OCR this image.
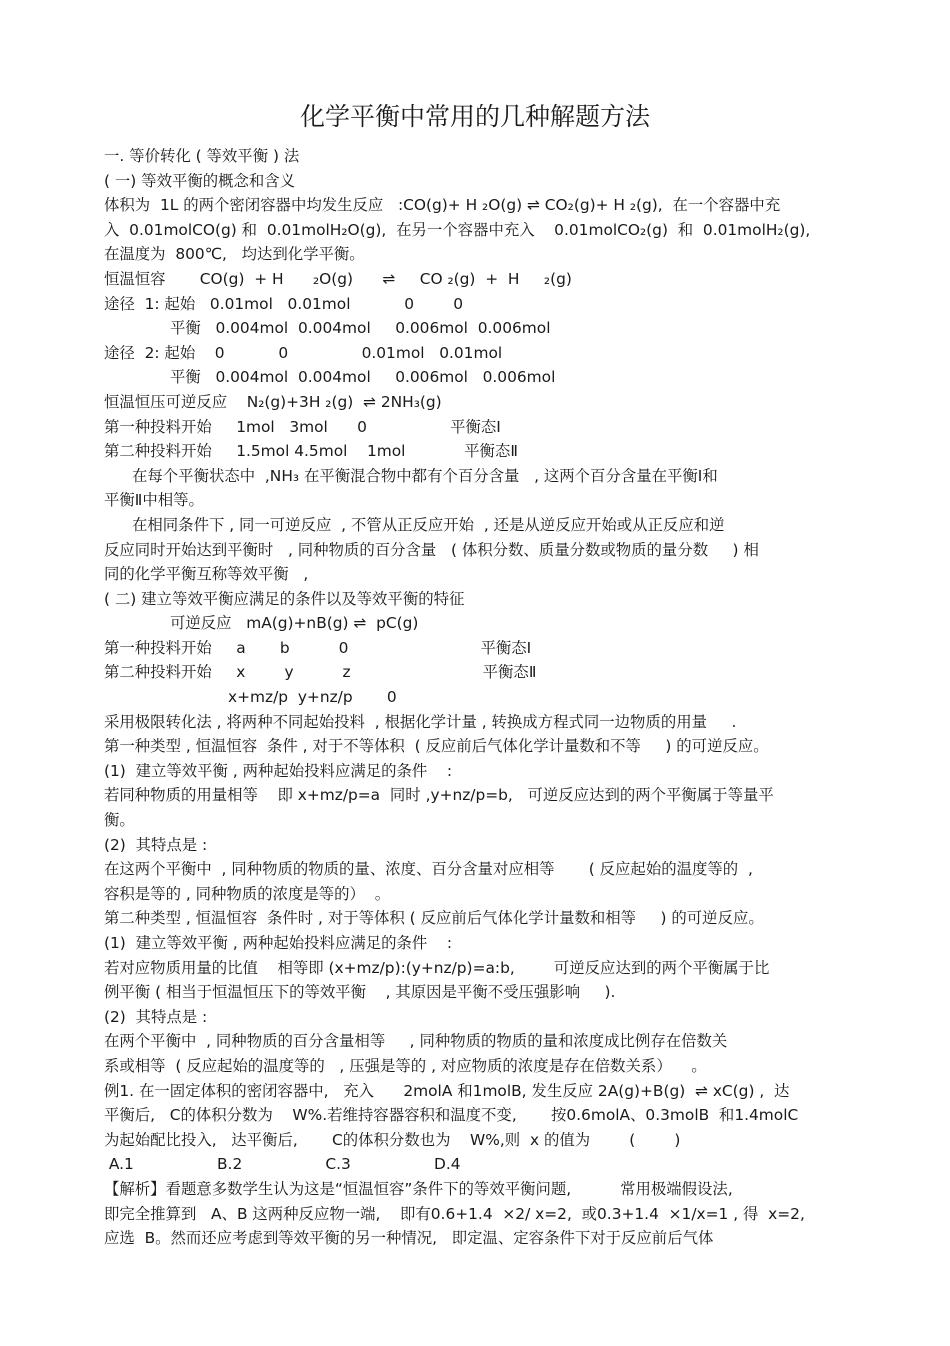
化学平衡中常用的几种解题方法
一. 等价转化 ( 等效平衡 ) 法
( 一) 等效平衡的概念和含义
体积为  1L 的两个密闭容器中均发生反应   :CO(g)+ H ₂O(g) ⇌ CO₂(g)+ H ₂(g),  在一个容器中充
入  0.01molCO(g) 和  0.01molH₂O(g),  在另一个容器中充入    0.01molCO₂(g)  和  0.01molH₂(g),
在温度为  800℃,   均达到化学平衡。
恒温恒容       CO(g)  + H      ₂O(g)      ⇌     CO ₂(g)  +  H     ₂(g)
途径  1: 起始   0.01mol   0.01mol           0        0
平衡   0.004mol  0.004mol     0.006mol  0.006mol
途径  2: 起始    0           0               0.01mol   0.01mol
平衡   0.004mol  0.004mol     0.006mol   0.006mol
恒温恒压可逆反应    N₂(g)+3H ₂(g)  ⇌ 2NH₃(g)
第一种投料开始     1mol   3mol      0                 平衡态Ⅰ
第二种投料开始     1.5mol 4.5mol    1mol            平衡态Ⅱ
在每个平衡状态中  ,NH₃ 在平衡混合物中都有个百分含量   , 这两个百分含量在平衡Ⅰ和
平衡Ⅱ中相等。
在相同条件下 , 同一可逆反应  , 不管从正反应开始  , 还是从逆反应开始或从正反应和逆
反应同时开始达到平衡时   , 同种物质的百分含量   ( 体积分数、质量分数或物质的量分数     ) 相
同的化学平衡互称等效平衡   ,
( 二) 建立等效平衡应满足的条件以及等效平衡的特征
可逆反应   mA(g)+nB(g) ⇌  pC(g)
第一种投料开始     a       b          0                           平衡态Ⅰ
第二种投料开始     x        y          z                           平衡态Ⅱ
x+mz/p  y+nz/p       0
采用极限转化法 , 将两种不同起始投料  , 根据化学计量 , 转换成方程式同一边物质的用量     .
第一种类型 , 恒温恒容  条件 , 对于不等体积  ( 反应前后气体化学计量数和不等     ) 的可逆反应。
(1)  建立等效平衡 , 两种起始投料应满足的条件    :
若同种物质的用量相等    即 x+mz/p=a  同时 ,y+nz/p=b,   可逆反应达到的两个平衡属于等量平
衡。
(2)  其特点是 :
在这两个平衡中  , 同种物质的物质的量、浓度、百分含量对应相等       ( 反应起始的温度等的  ,
容积是等的 , 同种物质的浓度是等的）  。
第二种类型 , 恒温恒容  条件时 , 对于等体积 ( 反应前后气体化学计量数和相等     ) 的可逆反应。
(1)  建立等效平衡 , 两种起始投料应满足的条件    :
若对应物质用量的比值    相等即 (x+mz/p):(y+nz/p)=a:b,        可逆反应达到的两个平衡属于比
例平衡 ( 相当于恒温恒压下的等效平衡    , 其原因是平衡不受压强影响     ).
(2)  其特点是 :
在两个平衡中  , 同种物质的百分含量相等     , 同种物质的物质的量和浓度成比例存在倍数关
系或相等  ( 反应起始的温度等的   , 压强是等的 , 对应物质的浓度是存在倍数关系）    。
例1. 在一固定体积的密闭容器中,   充入      2molA 和1molB, 发生反应 2A(g)+B(g)  ⇌ xC(g) ,  达
平衡后,   C的体积分数为    W%.若维持容器容积和温度不变,       按0.6molA、0.3molB  和1.4molC
为起始配比投入,   达平衡后,       C的体积分数也为    W%,则  x 的值为        (        )
A.1                 B.2                 C.3                 D.4
【解析】看题意多数学生认为这是“恒温恒容”条件下的等效平衡问题,          常用极端假设法,
即完全推算到   A、B 这两种反应物一端,    即有0.6+1.4  ×2/ x=2,  或0.3+1.4  ×1/x=1 , 得  x=2,
应选  B。然而还应考虑到等效平衡的另一种情况,   即定温、定容条件下对于反应前后气体
